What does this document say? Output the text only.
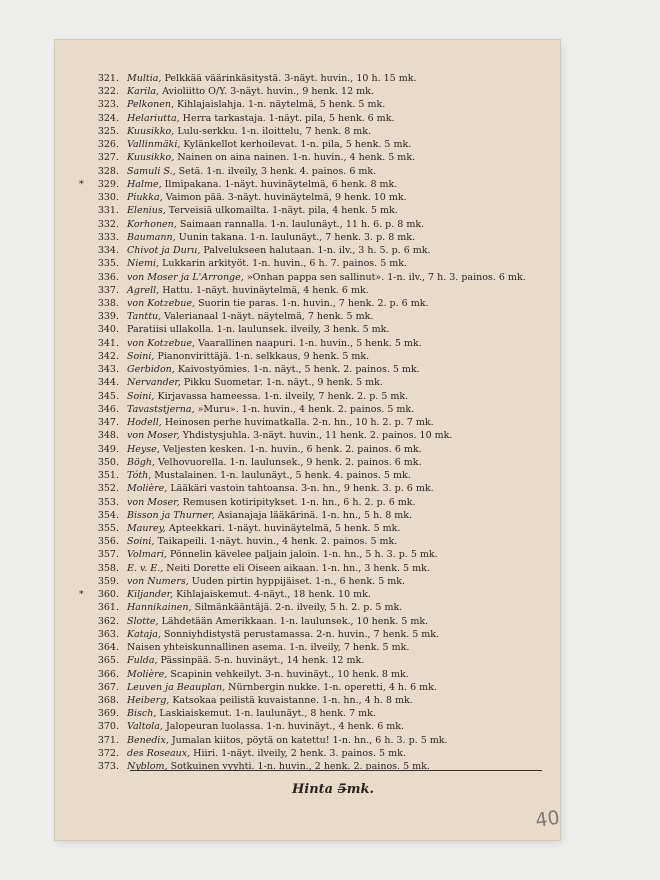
321. Multia, Pelkkää väärinkäsitystä. 3-näyt. huvin., 10 h. 15 mk.
322. Karila, Avioliitto O/Y. 3-näyt. huvin., 9 henk. 12 mk.
323. Pelkonen, Kihlajaislahja. 1-n. näytelmä, 5 henk. 5 mk.
324. Helariutta, Herra tarkastaja. 1-näyt. pila, 5 henk. 6 mk.
325. Kuusikko, Lulu-serkku. 1-n. iloittelu, 7 henk. 8 mk.
326. Vallinmäki, Kylänkellot kerhoilevat. 1-n. pila, 5 henk. 5 mk.
327. Kuusikko, Nainen on aina nainen. 1-n. huvin., 4 henk. 5 mk.
328. Samuli S., Setä. 1-n. ilveily, 3 henk. 4. painos. 6 mk.
* 329. Halme, Ilmipakana. 1-näyt. huvinäytelmä, 6 henk. 8 mk.
330. Piukka, Vaimon pää. 3-näyt. huvinäytelmä, 9 henk. 10 mk.
331. Elenius, Terveisiä ulkomailta. 1-näyt. pila, 4 henk. 5 mk.
332. Korhonen, Saimaan rannalla. 1-n. laulunäyt., 11 h. 6. p. 8 mk.
333. Baumann, Uunin takana. 1-n. laulunäyt., 7 henk. 3. p. 8 mk.
334. Chivot ja Duru, Palvelukseen halutaan. 1-n. ilv., 3 h. 5. p. 6 mk.
335. Niemi, Lukkarin arkityöt. 1-n. huvin., 6 h. 7. painos. 5 mk.
336. von Moser ja L'Arronge, »Onhan pappa sen sallinut». 1-n. ilv., 7 h. 3. painos. 6 mk.
337. Agrell, Hattu. 1-näyt. huvinäytelmä, 4 henk. 6 mk.
338. von Kotzebue, Suorin tie paras. 1-n. huvin., 7 henk. 2. p. 6 mk.
339. Tanttu, Valerianaal 1-näyt. näytelmä, 7 henk. 5 mk.
340. Paratiisi ullakolla. 1-n. laulunsek. ilveily, 3 henk. 5 mk.
341. von Kotzebue, Vaarallinen naapuri. 1-n. huvin., 5 henk. 5 mk.
342. Soini, Pianonvirittäjä. 1-n. selkkaus, 9 henk. 5 mk.
343. Gerbidon, Kaivostyömies. 1-n. näyt., 5 henk. 2. painos. 5 mk.
344. Nervander, Pikku Suometar. 1-n. näyt., 9 henk. 5 mk.
345. Soini, Kirjavassa hameessa. 1-n. ilveily, 7 henk. 2. p. 5 mk.
346. Tavaststjerna, »Muru». 1-n. huvin., 4 henk. 2. painos. 5 mk.
347. Hodell, Heinosen perhe huvimatkalla. 2-n. hn., 10 h. 2. p. 7 mk.
348. von Moser, Yhdistysjuhla. 3-näyt. huvin., 11 henk. 2. painos. 10 mk.
349. Heyse, Veljesten kesken. 1-n. huvin., 6 henk. 2. painos. 6 mk.
350. Bögh, Velhovuorella. 1-n. laulunsek., 9 henk. 2. painos. 6 mk.
351. Tóth, Mustalainen. 1-n. laulunäyt., 5 henk. 4. painos. 5 mk.
352. Molière, Lääkäri vastoin tahtoansa. 3-n. hn., 9 henk. 3. p. 6 mk.
353. von Moser, Remusen kotiripitykset. 1-n. hn., 6 h. 2. p. 6 mk.
354. Bisson ja Thurner, Asianajaja lääkärinä. 1-n. hn., 5 h. 8 mk.
355. Maurey, Apteekkari. 1-näyt. huvinäytelmä, 5 henk. 5 mk.
356. Soini, Taikapeili. 1-näyt. huvin., 4 henk. 2. painos. 5 mk.
357. Volmari, Pönnelin kävelee paljain jaloin. 1-n. hn., 5 h. 3. p. 5 mk.
358. E. v. E., Neiti Dorette eli Oiseen aikaan. 1-n. hn., 3 henk. 5 mk.
359. von Numers, Uuden pirtin hyppijäiset. 1-n., 6 henk. 5 mk.
* 360. Kiljander, Kihlajaiskemut. 4-näyt., 18 henk. 10 mk.
361. Hannikainen, Silmänkääntäjä. 2-n. ilveily, 5 h. 2. p. 5 mk.
362. Slotte, Lähdetään Amerikkaan. 1-n. laulunsek., 10 henk. 5 mk.
363. Kataja, Sonniyhdistystä perustamassa. 2-n. huvin., 7 henk. 5 mk.
364. Naisen yhteiskunnallinen asema. 1-n. ilveily, 7 henk. 5 mk.
365. Fulda, Pässinpää. 5-n. huvinäyt., 14 henk. 12 mk.
366. Molière, Scapinin vehkeilyt. 3-n. huvinäyt., 10 henk. 8 mk.
367. Leuven ja Beauplan, Nürnbergin nukke. 1-n. operetti, 4 h. 6 mk.
368. Heiberg, Katsokaa peilistä kuvaistanne. 1-n. hn., 4 h. 8 mk.
369. Bisch, Laskiaiskemut. 1-n. laulunäyt., 8 henk. 7 mk.
370. Valtola, Jalopeuran luolassa. 1-n. huvinäyt., 4 henk. 6 mk.
371. Benedix, Jumalan kiitos, pöytä on katettu! 1-n. hn., 6 h. 3. p. 5 mk.
372. des Roseaux, Hiiri. 1-näyt. ilveily, 2 henk. 3. painos. 5 mk.
373. Nyblom, Sotkuinen vyyhti. 1-n. huvin., 2 henk. 2. painos. 5 mk.
Hinta 5mk.
40
